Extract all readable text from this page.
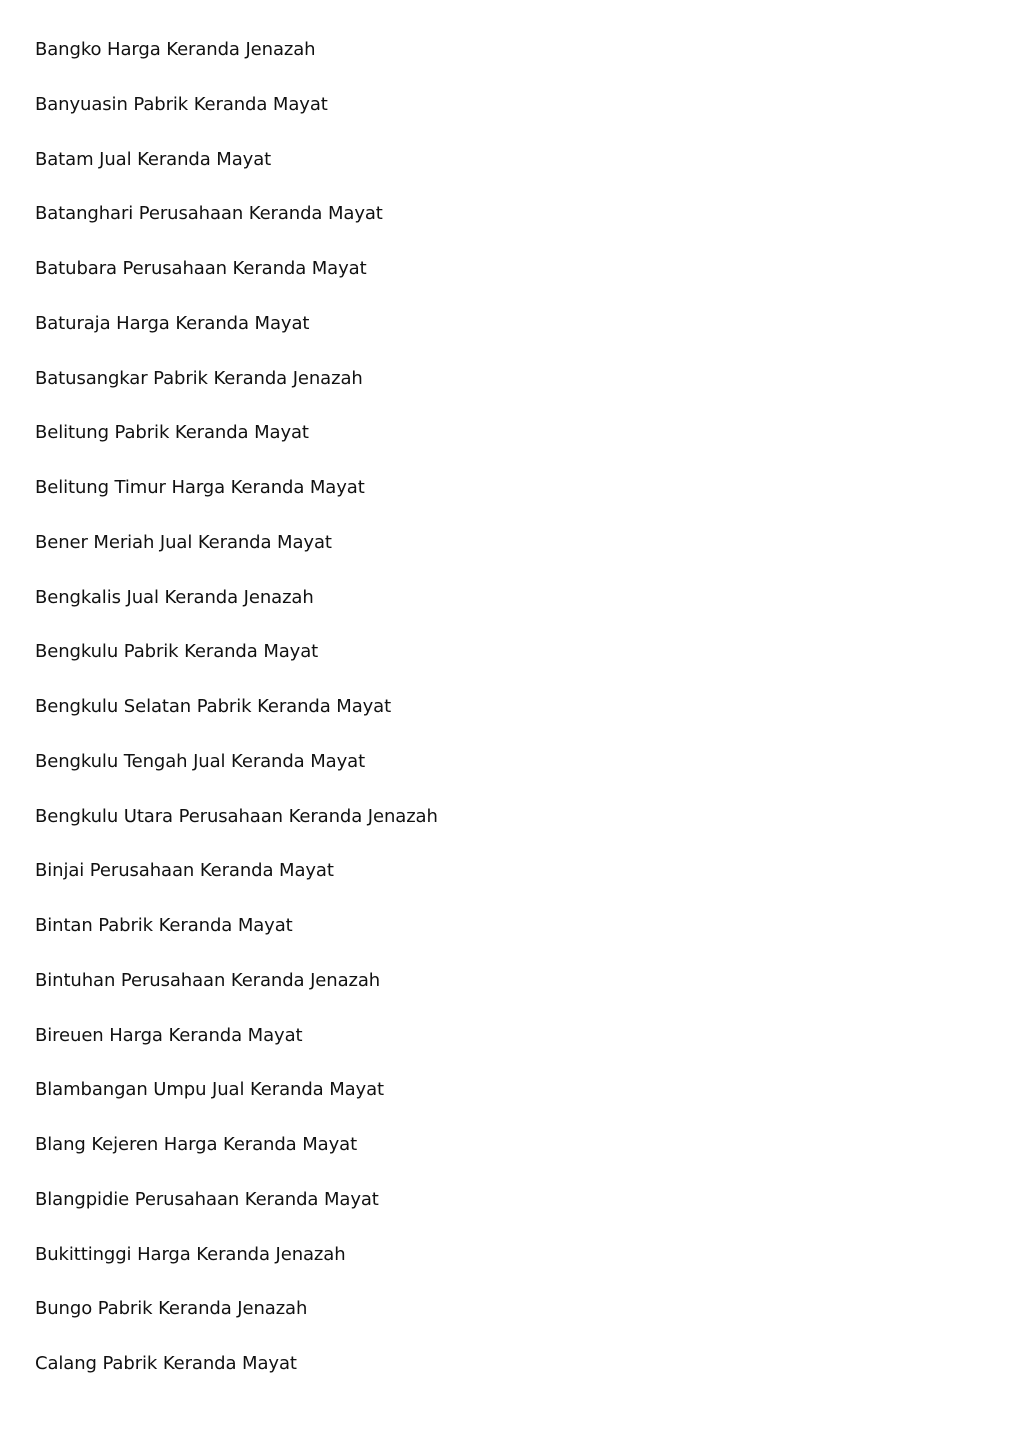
Bangko Harga Keranda Jenazah
Banyuasin Pabrik Keranda Mayat
Batam Jual Keranda Mayat
Batanghari Perusahaan Keranda Mayat
Batubara Perusahaan Keranda Mayat
Baturaja Harga Keranda Mayat
Batusangkar Pabrik Keranda Jenazah
Belitung Pabrik Keranda Mayat
Belitung Timur Harga Keranda Mayat
Bener Meriah Jual Keranda Mayat
Bengkalis Jual Keranda Jenazah
Bengkulu Pabrik Keranda Mayat
Bengkulu Selatan Pabrik Keranda Mayat
Bengkulu Tengah Jual Keranda Mayat
Bengkulu Utara Perusahaan Keranda Jenazah
Binjai Perusahaan Keranda Mayat
Bintan Pabrik Keranda Mayat
Bintuhan Perusahaan Keranda Jenazah
Bireuen Harga Keranda Mayat
Blambangan Umpu Jual Keranda Mayat
Blang Kejeren Harga Keranda Mayat
Blangpidie Perusahaan Keranda Mayat
Bukittinggi Harga Keranda Jenazah
Bungo Pabrik Keranda Jenazah
Calang Pabrik Keranda Mayat
